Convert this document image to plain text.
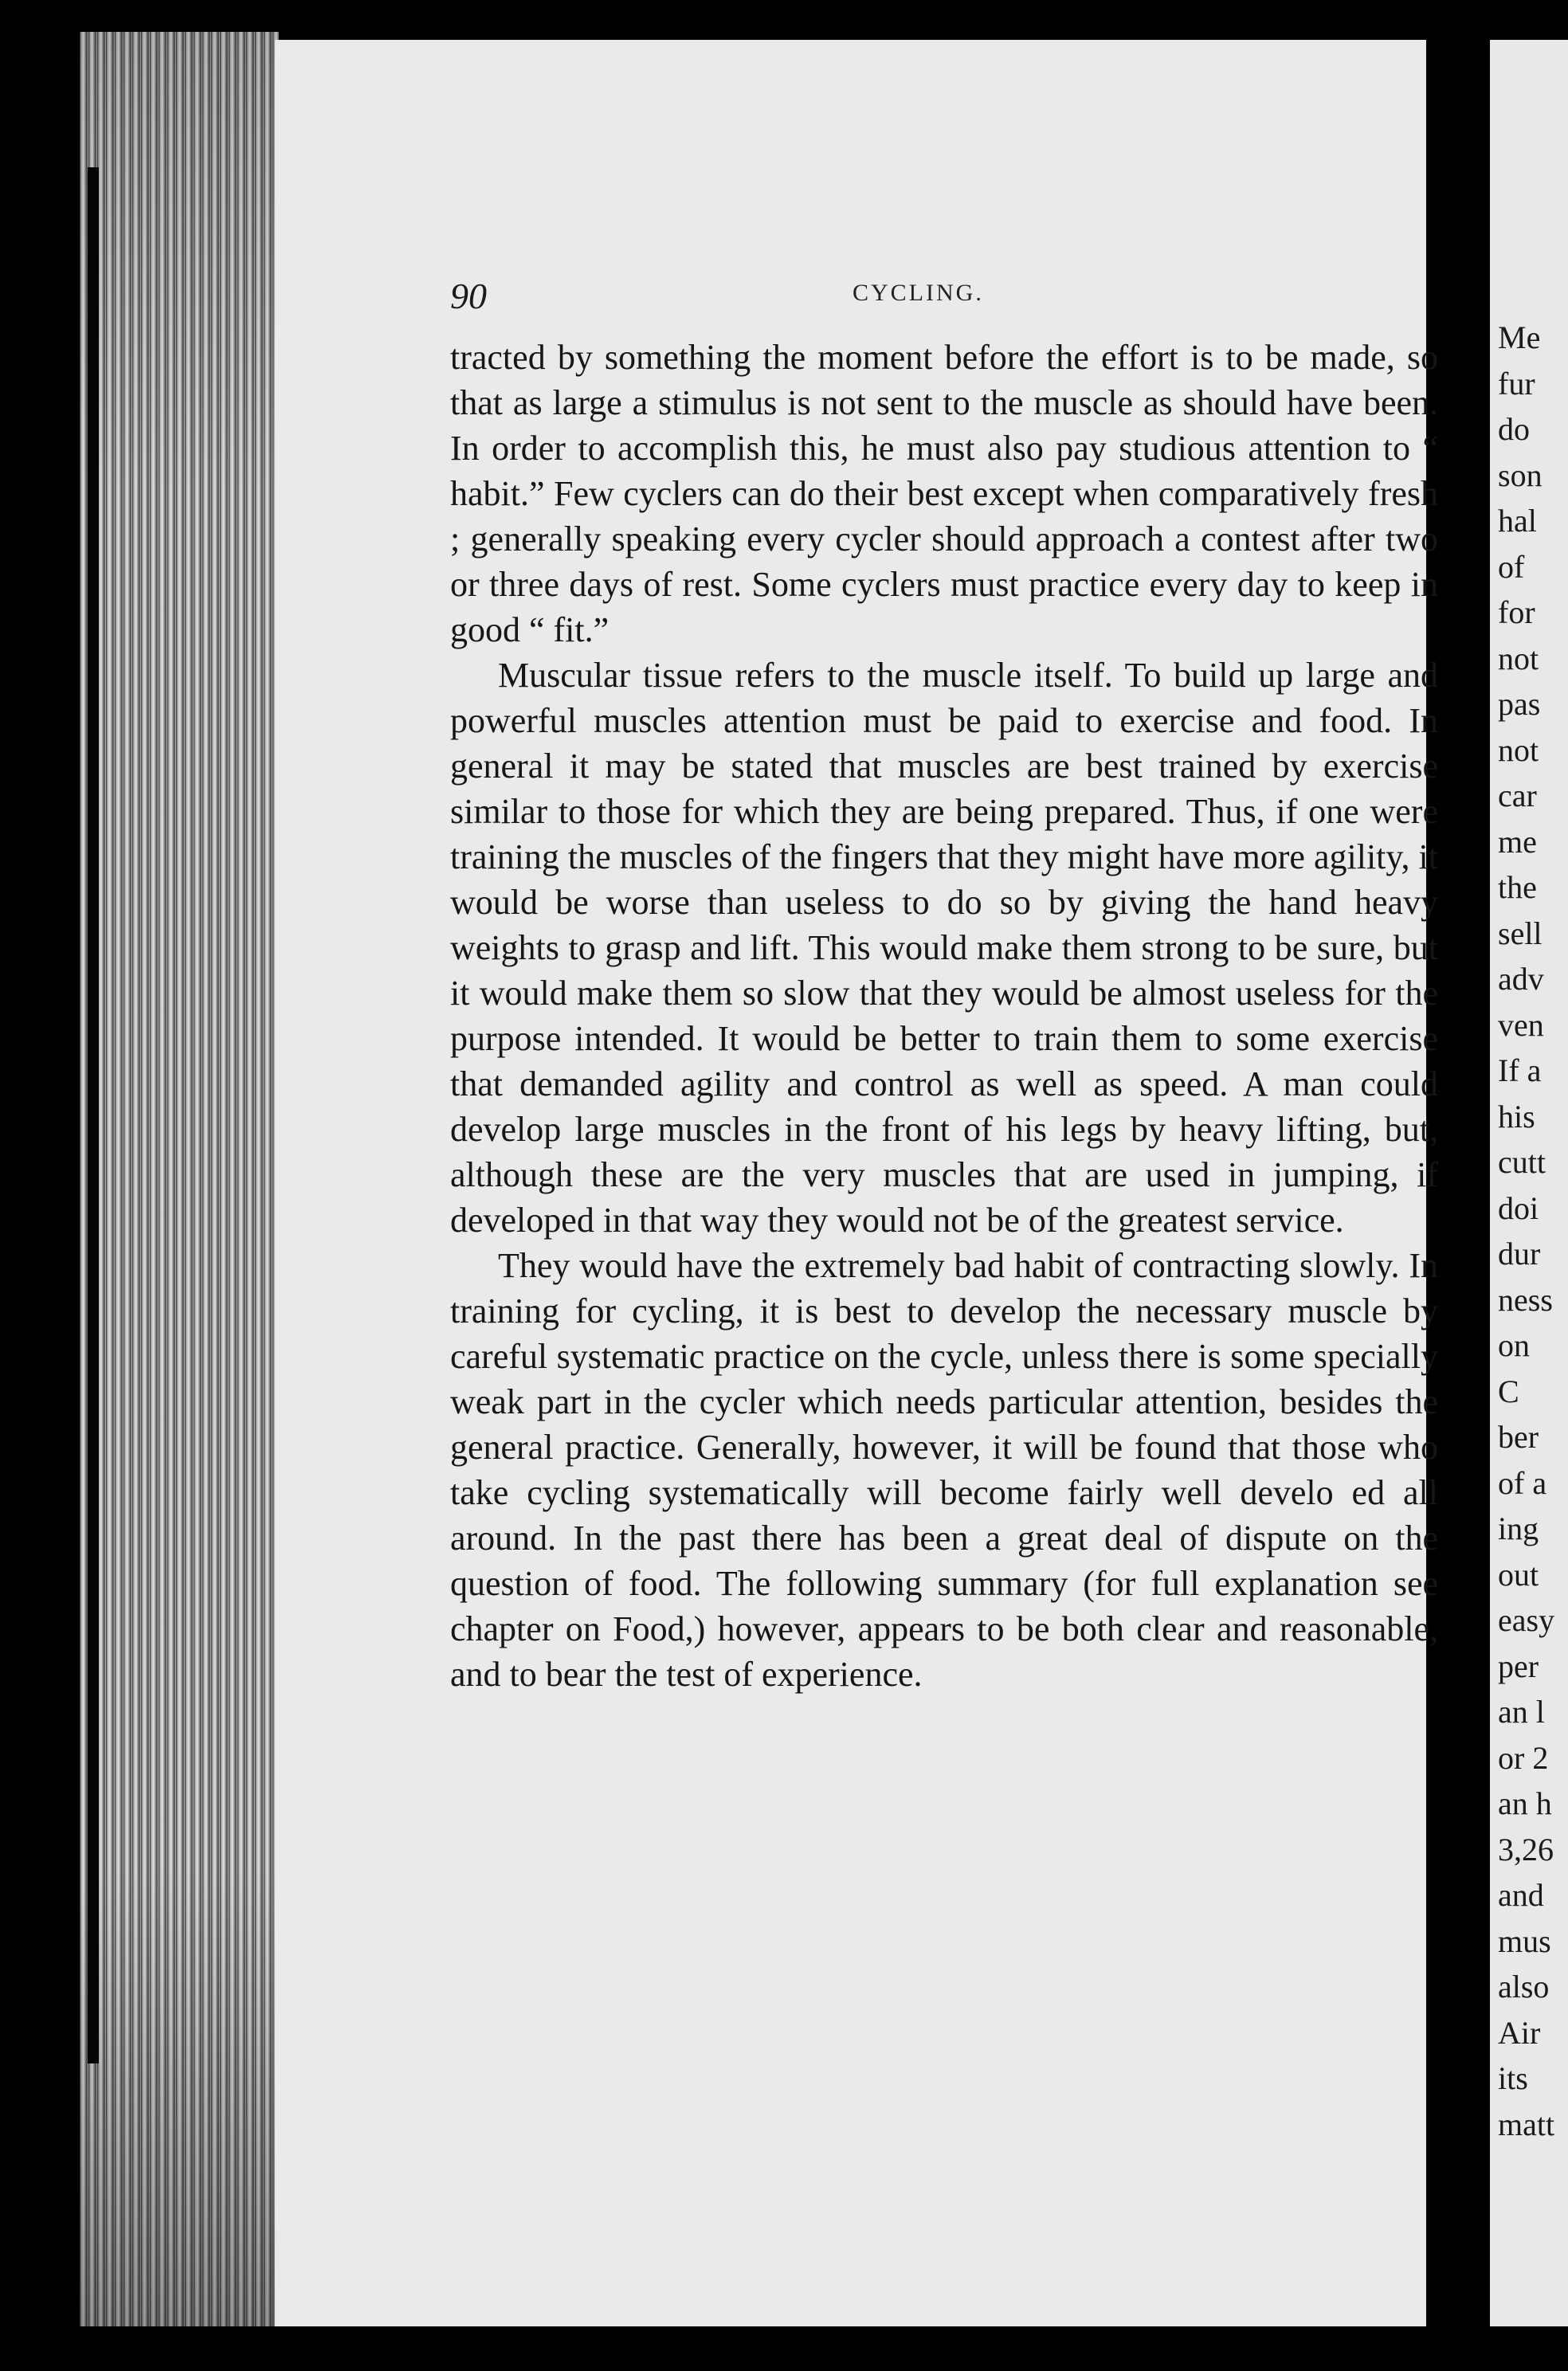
90	CYCLING.

tracted by something the moment before the effort is to be made, so that as large a stimulus is not sent to the muscle as should have been. In order to accomplish this, he must also pay studious attention to “ habit.” Few cyclers can do their best except when comparatively fresh ; generally speaking every cycler should approach a contest after two or three days of rest. Some cyclers must practice every day to keep in good “ fit.”

Muscular tissue refers to the muscle itself. To build up large and powerful muscles attention must be paid to exercise and food. In general it may be stated that muscles are best trained by exercise similar to those for which they are being prepared. Thus, if one were training the muscles of the fingers that they might have more agility, it would be worse than useless to do so by giving the hand heavy weights to grasp and lift. This would make them strong to be sure, but it would make them so slow that they would be almost useless for the purpose intended. It would be better to train them to some exercise that demanded agility and control as well as speed. A man could develop large muscles in the front of his legs by heavy lifting, but, although these are the very muscles that are used in jumping, if developed in that way they would not be of the greatest service.

They would have the extremely bad habit of contracting slowly. In training for cycling, it is best to develop the necessary muscle by careful systematic practice on the cycle, unless there is some specially weak part in the cycler which needs particular attention, besides the general practice. Generally, however, it will be found that those who take cycling systematically will become fairly well develo ed all around. In the past there has been a great deal of dispute on the question of food. The following summary (for full explanation see chapter on Food,) however, appears to be both clear and reasonable, and to bear the test of experience.

Me
fur
do
son
hal
of
for
not
pas
not
car
me
the
sell
adv
ven
If a
his
cutt
doi
dur
ness
on
C
ber
of a
ing
out
easy
per
an l
or 2
an h
3,26
and
mus
also
Air
its
matt
